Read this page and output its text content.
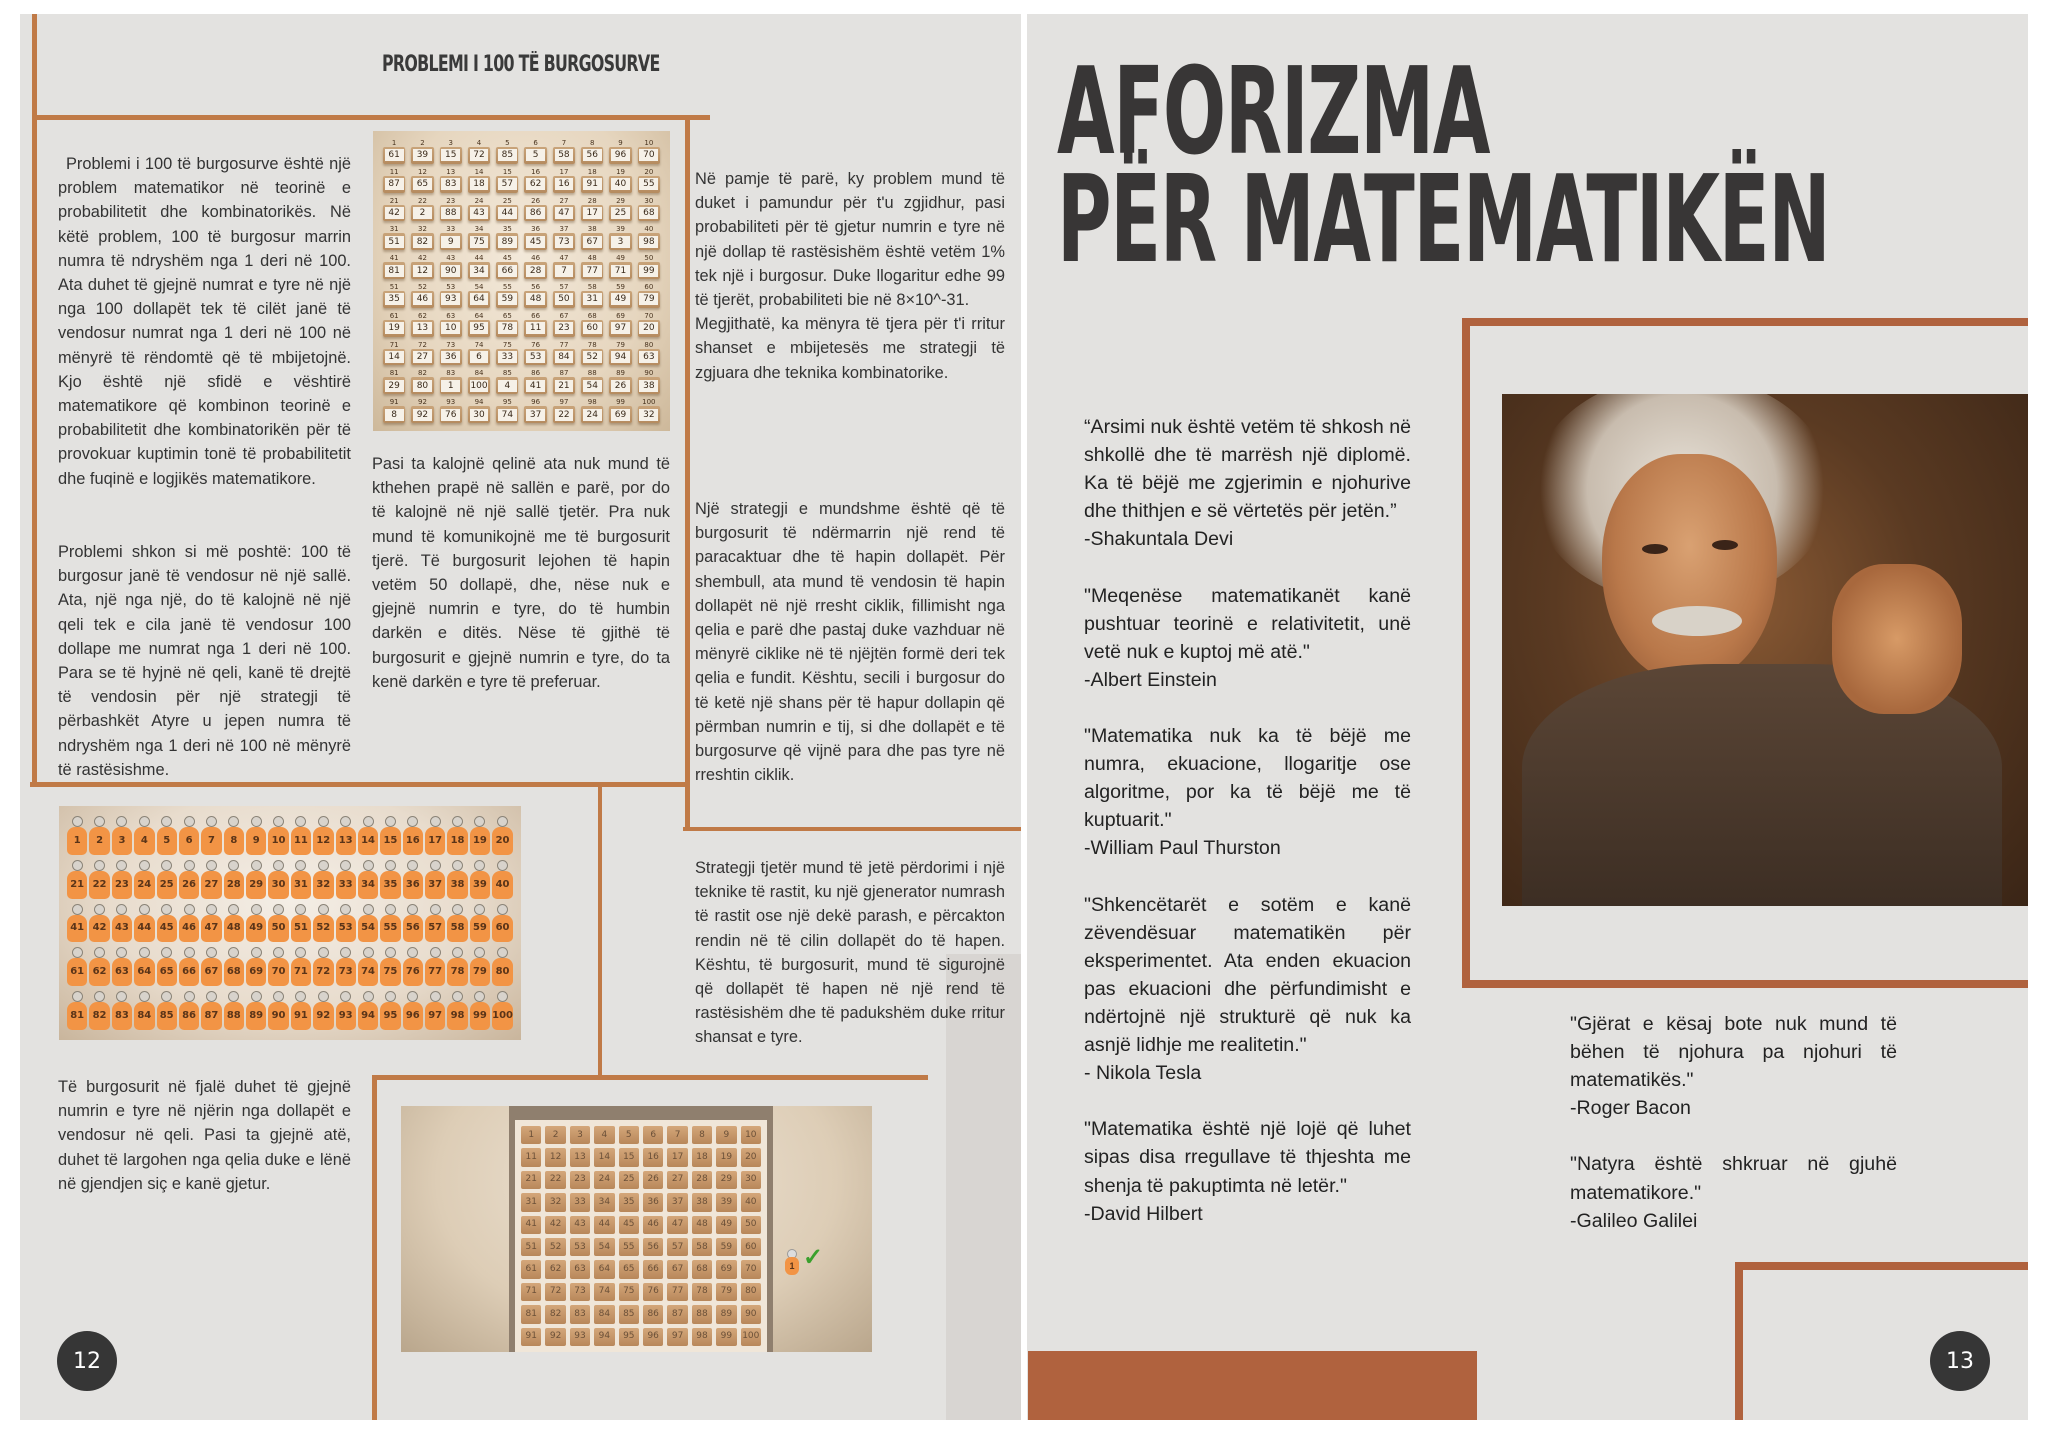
PROBLEMI I 100 TË BURGOSURVE

Problemi i 100 të burgosurve është një problem matematikor në teorinë e probabilitetit dhe kombinatorikës. Në këtë problem, 100 të burgosur marrin numra të ndryshëm nga 1 deri në 100. Ata duhet të gjejnë numrat e tyre në një nga 100 dollapët tek të cilët janë të vendosur numrat nga 1 deri në 100 në mënyrë të rëndomtë që të mbijetojnë. Kjo është një sfidë e vështirë matematikore që kombinon teorinë e probabilitetit dhe kombinatorikën për të provokuar kuptimin tonë të probabilitetit dhe fuqinë e logjikës matematikore.

Problemi shkon si më poshtë: 100 të burgosur janë të vendosur në një sallë. Ata, një nga një, do të kalojnë në një qeli tek e cila janë të vendosur 100 dollape me numrat nga 1 deri në 100. Para se të hyjnë në qeli, kanë të drejtë të vendosin për një strategji të përbashkët Atyre u jepen numra të ndryshëm nga 1 deri në 100 në mënyrë të rastësishme.

1
61
2
39
3
15
4
72
5
85
6
5
7
58
8
56
9
96
10
70
11
87
12
65
13
83
14
18
15
57
16
62
17
16
18
91
19
40
20
55
21
42
22
2
23
88
24
43
25
44
26
86
27
47
28
17
29
25
30
68
31
51
32
82
33
9
34
75
35
89
36
45
37
73
38
67
39
3
40
98
41
81
42
12
43
90
44
34
45
66
46
28
47
7
48
77
49
71
50
99
51
35
52
46
53
93
54
64
55
59
56
48
57
50
58
31
59
49
60
79
61
19
62
13
63
10
64
95
65
78
66
11
67
23
68
60
69
97
70
20
71
14
72
27
73
36
74
6
75
33
76
53
77
84
78
52
79
94
80
63
81
29
82
80
83
1
84
100
85
4
86
41
87
21
88
54
89
26
90
38
91
8
92
92
93
76
94
30
95
74
96
37
97
22
98
24
99
69
100
32

Pasi ta kalojnë qelinë ata nuk mund të kthehen prapë në sallën e parë, por do të kalojnë në një sallë tjetër. Pra nuk mund të komunikojnë me të burgosurit tjerë. Të burgosurit lejohen të hapin vetëm 50 dollapë, dhe, nëse nuk e gjejnë numrin e tyre, do të humbin darkën e ditës. Nëse të gjithë të burgosurit e gjejnë numrin e tyre, do ta kenë darkën e tyre të preferuar.

Në pamje të parë, ky problem mund të duket i pamundur për t'u zgjidhur, pasi probabiliteti për të gjetur numrin e tyre në një dollap të rastësishëm është vetëm 1% tek një i burgosur. Duke llogaritur edhe 99 të tjerët, probabiliteti bie në 8×10^-31.

Megjithatë, ka mënyra të tjera për t'i rritur shanset e mbijetesës me strategji të zgjuara dhe teknika kombinatorike.

Një strategji e mundshme është që të burgosurit të ndërmarrin një rend të paracaktuar dhe të hapin dollapët. Për shembull, ata mund të vendosin të hapin dollapët në një rresht ciklik, fillimisht nga qelia e parë dhe pastaj duke vazhduar në mënyrë ciklike në të njëjtën formë deri tek qelia e fundit. Kështu, secili i burgosur do të ketë një shans për të hapur dollapin që përmban numrin e tij, si dhe dollapët e të burgosurve që vijnë para dhe pas tyre në rreshtin ciklik.

Strategji tjetër mund të jetë përdorimi i një teknike të rastit, ku një gjenerator numrash të rastit ose një dekë parash, e përcakton rendin në të cilin dollapët do të hapen. Kështu, të burgosurit, mund të sigurojnë që dollapët të hapen në një rend të rastësishëm dhe të padukshëm duke rritur shansat e tyre.

1 2 3 4 5 6 7 8 9 10 11 12 13 14 15 16 17 18 19 20
21 22 23 24 25 26 27 28 29 30 31 32 33 34 35 36 37 38 39 40
41 42 43 44 45 46 47 48 49 50 51 52 53 54 55 56 57 58 59 60
61 62 63 64 65 66 67 68 69 70 71 72 73 74 75 76 77 78 79 80
81 82 83 84 85 86 87 88 89 90 91 92 93 94 95 96 97 98 99 100

Të burgosurit në fjalë duhet të gjejnë numrin e tyre në njërin nga dollapët e vendosur në qeli. Pasi ta gjejnë atë, duhet të largohen nga qelia duke e lënë në gjendjen siç e kanë gjetur.

1 2 3 4 5 6 7 8 9 10
11 12 13 14 15 16 17 18 19 20
21 22 23 24 25 26 27 28 29 30
31 32 33 34 35 36 37 38 39 40
41 42 43 44 45 46 47 48 49 50
51 52 53 54 55 56 57 58 59 60
61 62 63 64 65 66 67 68 69 70
71 72 73 74 75 76 77 78 79 80
81 82 83 84 85 86 87 88 89 90
91 92 93 94 95 96 97 98 99 100
1 ✓
12
AFORIZMA
PËR MATEMATIKËN

“Arsimi nuk është vetëm të shkosh në shkollë dhe të marrësh një diplomë. Ka të bëjë me zgjerimin e njohurive dhe thithjen e së vërtetës për jetën.”

-Shakuntala Devi

"Meqenëse matematikanët kanë pushtuar teorinë e relativitetit, unë vetë nuk e kuptoj më atë."

-Albert Einstein

"Matematika nuk ka të bëjë me numra, ekuacione, llogaritje ose algoritme, por ka të bëjë me të kuptuarit."

-William Paul Thurston

"Shkencëtarët e sotëm e kanë zëvendësuar matematikën për eksperimentet. Ata enden ekuacion pas ekuacioni dhe përfundimisht e ndërtojnë një strukturë që nuk ka asnjë lidhje me realitetin."

- Nikola Tesla

"Matematika është një lojë që luhet sipas disa rregullave të thjeshta me shenja të pakuptimta në letër."

-David Hilbert

"Gjërat e kësaj bote nuk mund të bëhen të njohura pa njohuri të matematikës."

-Roger Bacon

"Natyra është shkruar në gjuhë matematikore."

-Galileo Galilei

13
